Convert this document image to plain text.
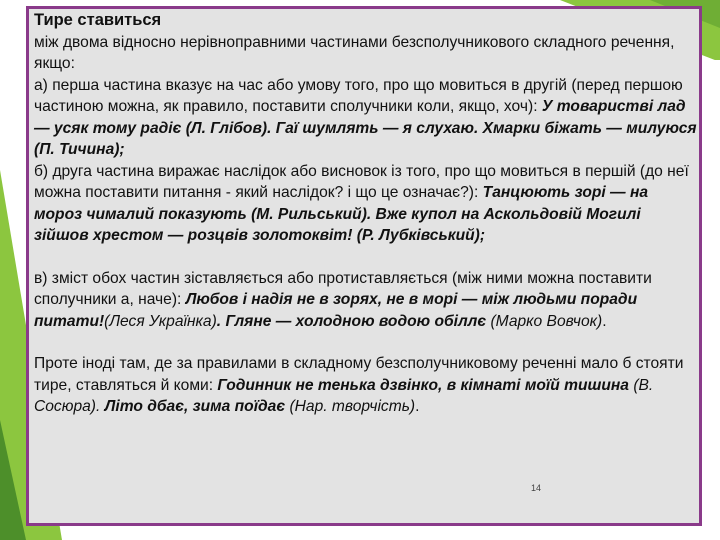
Тире ставиться
між двома відносно нерівноправними частинами безсполучникового складного речення, якщо:

а) перша частина вказує на час або умову того, про що мовиться в другій (перед першою частиною можна, як правило, поставити сполучники коли, якщо, хоч): У товаристві лад — усяк тому радіє (Л. Глібов). Гаї шумлять — я слухаю. Хмарки біжать — милуюся (П. Тичина);

б) друга частина виражає наслідок або висновок із того, про що мовиться в першій (до неї можна поставити питання - який наслідок? і що це означає?): Танцюють зорі — на мороз чималий показують (М. Рильський). Вже купол на Аскольдовій Могилі зійшов хрестом — розцвів золотоквіт! (Р. Лубківський);

в) зміст обох частин зіставляється або протиставляється (між ними можна поставити сполучники а, наче): Любов і надія не в зорях, не в морі — між людьми поради питати!(Леся Українка). Гляне — холодною водою обіллє (Марко Вовчок).

Проте іноді там, де за правилами в складному безсполучниковому реченні мало б стояти тире, ставляться й коми: Годинник не тенька дзвінко, в кімнаті моїй тишина (В. Сосюра). Літо дбає, зима поїдає (Нар. творчість).

14
